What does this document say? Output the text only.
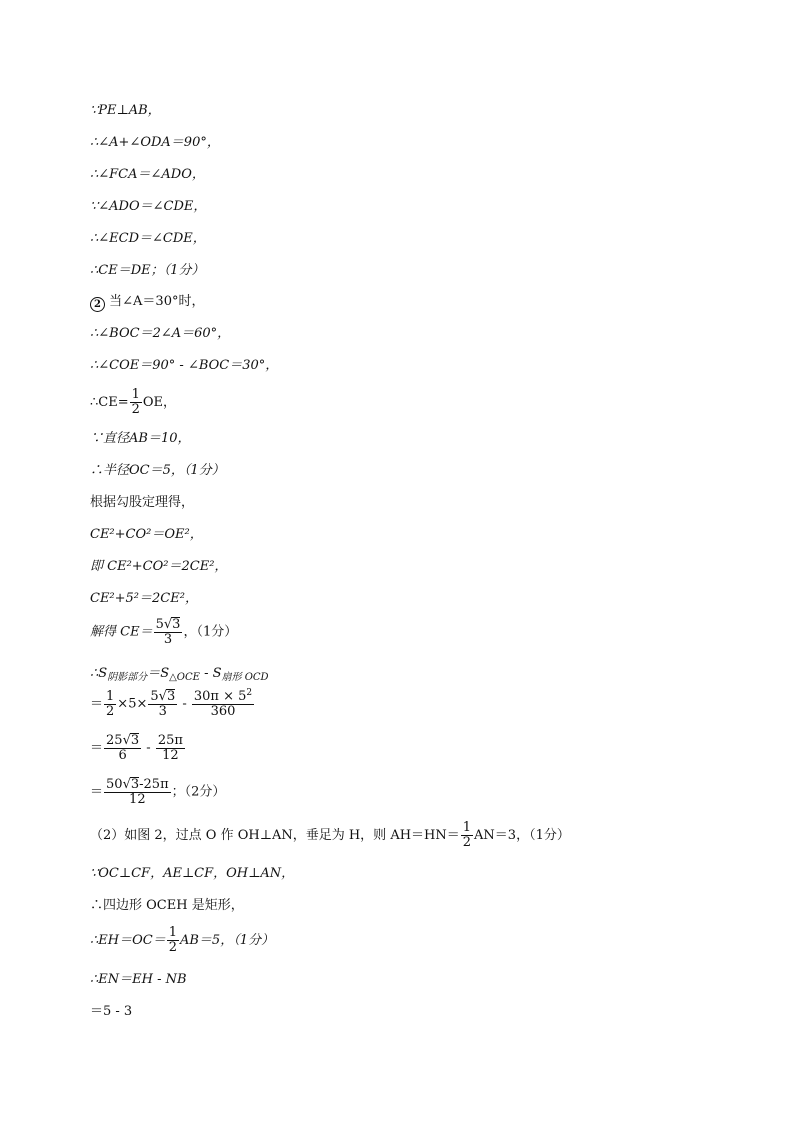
∵PE⊥AB，
∴∠A+∠ODA＝90°，
∴∠FCA＝∠ADO，
∵∠ADO＝∠CDE，
∴∠ECD＝∠CDE，
∴CE＝DE；（1分）
2 当∠A＝30°时，
∴∠BOC＝2∠A＝60°，
∴∠COE＝90° - ∠BOC＝30°，
∴CE= $\frac{1}{2}$ OE，
∵直径AB＝10，
∴半径OC＝5，（1分）
根据勾股定理得，
CE²+CO²＝OE²，
即 CE²+CO²＝2CE²，
CE²+5²＝2CE²，
解得 $CE= \frac{5√3}{3}$ ，（1分）
$\therefore S_{阴影部分}=S_{\triangle OCE} - S_{扇形 OCD}$
＝ $\frac{1}{2} \times 5\times \frac{5√3}{3} - \frac{30\pi \times 5^2}{360}$
＝ $\frac{25√3}{6} - \frac{25\pi}{12}$
＝ $\frac{50√3-25\pi}{12}$ ；（2分）
（2）如图 2，过点 O 作 OH⊥AN，垂足为 H，则 $AH=HN= \frac{1}{2} AN=3$，（1分）
∵OC⊥CF，AE⊥CF，OH⊥AN，
∴四边形 OCEH 是矩形，
∴EH＝OC＝ $\frac{1}{2} AB=5$，（1分）
∴EN＝EH - NB
＝5 - 3
